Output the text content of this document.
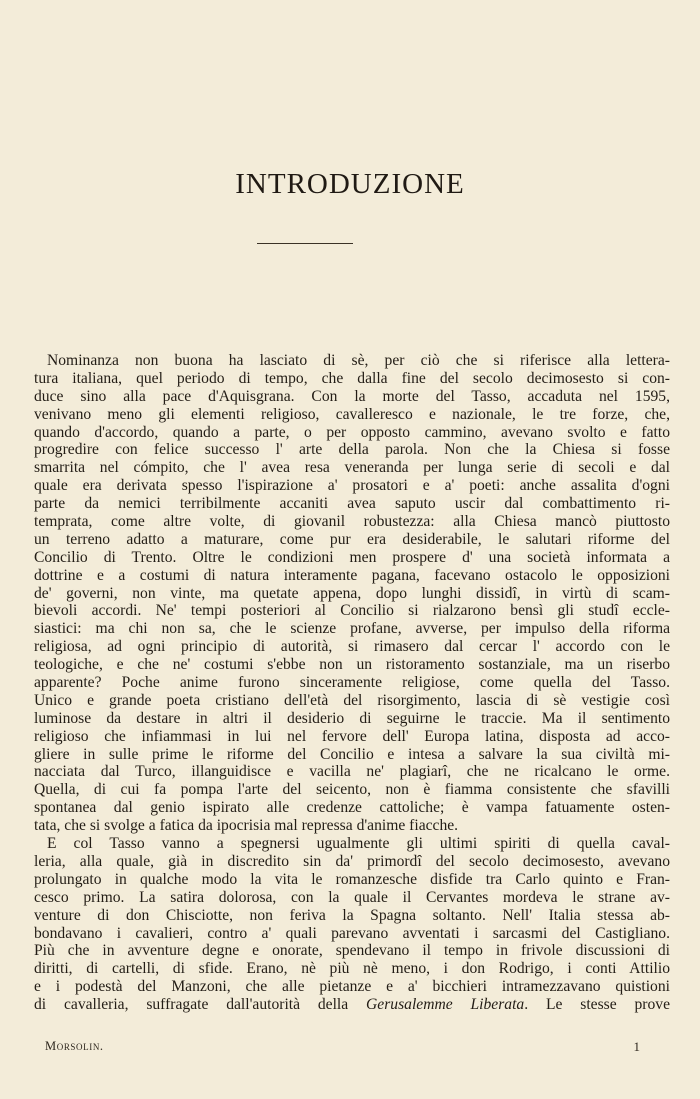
INTRODUZIONE
Nominanza non buona ha lasciato di sè, per ciò che si riferisce alla lettera-
tura italiana, quel periodo di tempo, che dalla fine del secolo decimosesto si con-
duce sino alla pace d'Aquisgrana. Con la morte del Tasso, accaduta nel 1595,
venivano meno gli elementi religioso, cavalleresco e nazionale, le tre forze, che,
quando d'accordo, quando a parte, o per opposto cammino, avevano svolto e fatto
progredire con felice successo l' arte della parola. Non che la Chiesa si fosse
smarrita nel cómpito, che l' avea resa veneranda per lunga serie di secoli e dal
quale era derivata spesso l'ispirazione a' prosatori e a' poeti: anche assalita d'ogni
parte da nemici terribilmente accaniti avea saputo uscir dal combattimento ri-
temprata, come altre volte, di giovanil robustezza: alla Chiesa mancò piuttosto
un terreno adatto a maturare, come pur era desiderabile, le salutari riforme del
Concilio di Trento. Oltre le condizioni men prospere d' una società informata a
dottrine e a costumi di natura interamente pagana, facevano ostacolo le opposizioni
de' governi, non vinte, ma quetate appena, dopo lunghi dissidî, in virtù di scam-
bievoli accordi. Ne' tempi posteriori al Concilio si rialzarono bensì gli studî eccle-
siastici: ma chi non sa, che le scienze profane, avverse, per impulso della riforma
religiosa, ad ogni principio di autorità, si rimasero dal cercar l' accordo con le
teologiche, e che ne' costumi s'ebbe non un ristoramento sostanziale, ma un riserbo
apparente? Poche anime furono sinceramente religiose, come quella del Tasso.
Unico e grande poeta cristiano dell'età del risorgimento, lascia di sè vestigie così
luminose da destare in altri il desiderio di seguirne le traccie. Ma il sentimento
religioso che infiammasi in lui nel fervore dell' Europa latina, disposta ad acco-
gliere in sulle prime le riforme del Concilio e intesa a salvare la sua civiltà mi-
nacciata dal Turco, illanguidisce e vacilla ne' plagiarî, che ne ricalcano le orme.
Quella, di cui fa pompa l'arte del seicento, non è fiamma consistente che sfavilli
spontanea dal genio ispirato alle credenze cattoliche; è vampa fatuamente osten-
tata, che si svolge a fatica da ipocrisia mal repressa d'anime fiacche.
E col Tasso vanno a spegnersi ugualmente gli ultimi spiriti di quella caval-
leria, alla quale, già in discredito sin da' primordî del secolo decimosesto, avevano
prolungato in qualche modo la vita le romanzesche disfide tra Carlo quinto e Fran-
cesco primo. La satira dolorosa, con la quale il Cervantes mordeva le strane av-
venture di don Chisciotte, non feriva la Spagna soltanto. Nell' Italia stessa ab-
bondavano i cavalieri, contro a' quali parevano avventati i sarcasmi del Castigliano.
Più che in avventure degne e onorate, spendevano il tempo in frivole discussioni di
diritti, di cartelli, di sfide. Erano, nè più nè meno, i don Rodrigo, i conti Attilio
e i podestà del Manzoni, che alle pietanze e a' bicchieri intramezzavano quistioni
di cavalleria, suffragate dall'autorità della Gerusalemme Liberata. Le stesse prove
Morsolin.	1
